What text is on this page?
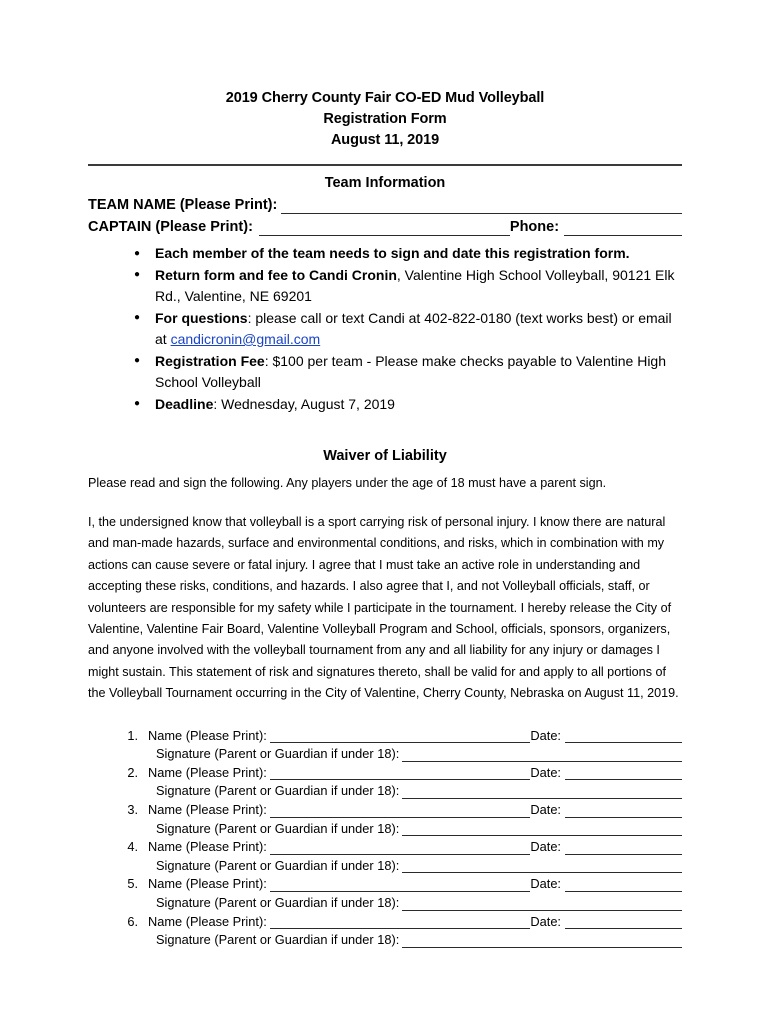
2019 Cherry County Fair CO-ED Mud Volleyball
Registration Form
August 11, 2019
Team Information
TEAM NAME (Please Print):
CAPTAIN (Please Print):	Phone:
● Each member of the team needs to sign and date this registration form.
● Return form and fee to Candi Cronin, Valentine High School Volleyball, 90121 Elk Rd., Valentine, NE 69201
● For questions: please call or text Candi at 402-822-0180 (text works best) or email at candicronin@gmail.com
● Registration Fee: $100 per team - Please make checks payable to Valentine High School Volleyball
● Deadline: Wednesday, August 7, 2019
Waiver of Liability
Please read and sign the following. Any players under the age of 18 must have a parent sign.
I, the undersigned know that volleyball is a sport carrying risk of personal injury. I know there are natural and man-made hazards, surface and environmental conditions, and risks, which in combination with my actions can cause severe or fatal injury. I agree that I must take an active role in understanding and accepting these risks, conditions, and hazards. I also agree that I, and not Volleyball officials, staff, or volunteers are responsible for my safety while I participate in the tournament. I hereby release the City of Valentine, Valentine Fair Board, Valentine Volleyball Program and School, officials, sponsors, organizers, and anyone involved with the volleyball tournament from any and all liability for any injury or damages I might sustain. This statement of risk and signatures thereto, shall be valid for and apply to all portions of the Volleyball Tournament occurring in the City of Valentine, Cherry County, Nebraska on August 11, 2019.
Name (Please Print):	Date:
Signature (Parent or Guardian if under 18):
Name (Please Print):	Date:
Signature (Parent or Guardian if under 18):
Name (Please Print):	Date:
Signature (Parent or Guardian if under 18):
Name (Please Print):	Date:
Signature (Parent or Guardian if under 18):
Name (Please Print):	Date:
Signature (Parent or Guardian if under 18):
Name (Please Print):	Date:
Signature (Parent or Guardian if under 18):
